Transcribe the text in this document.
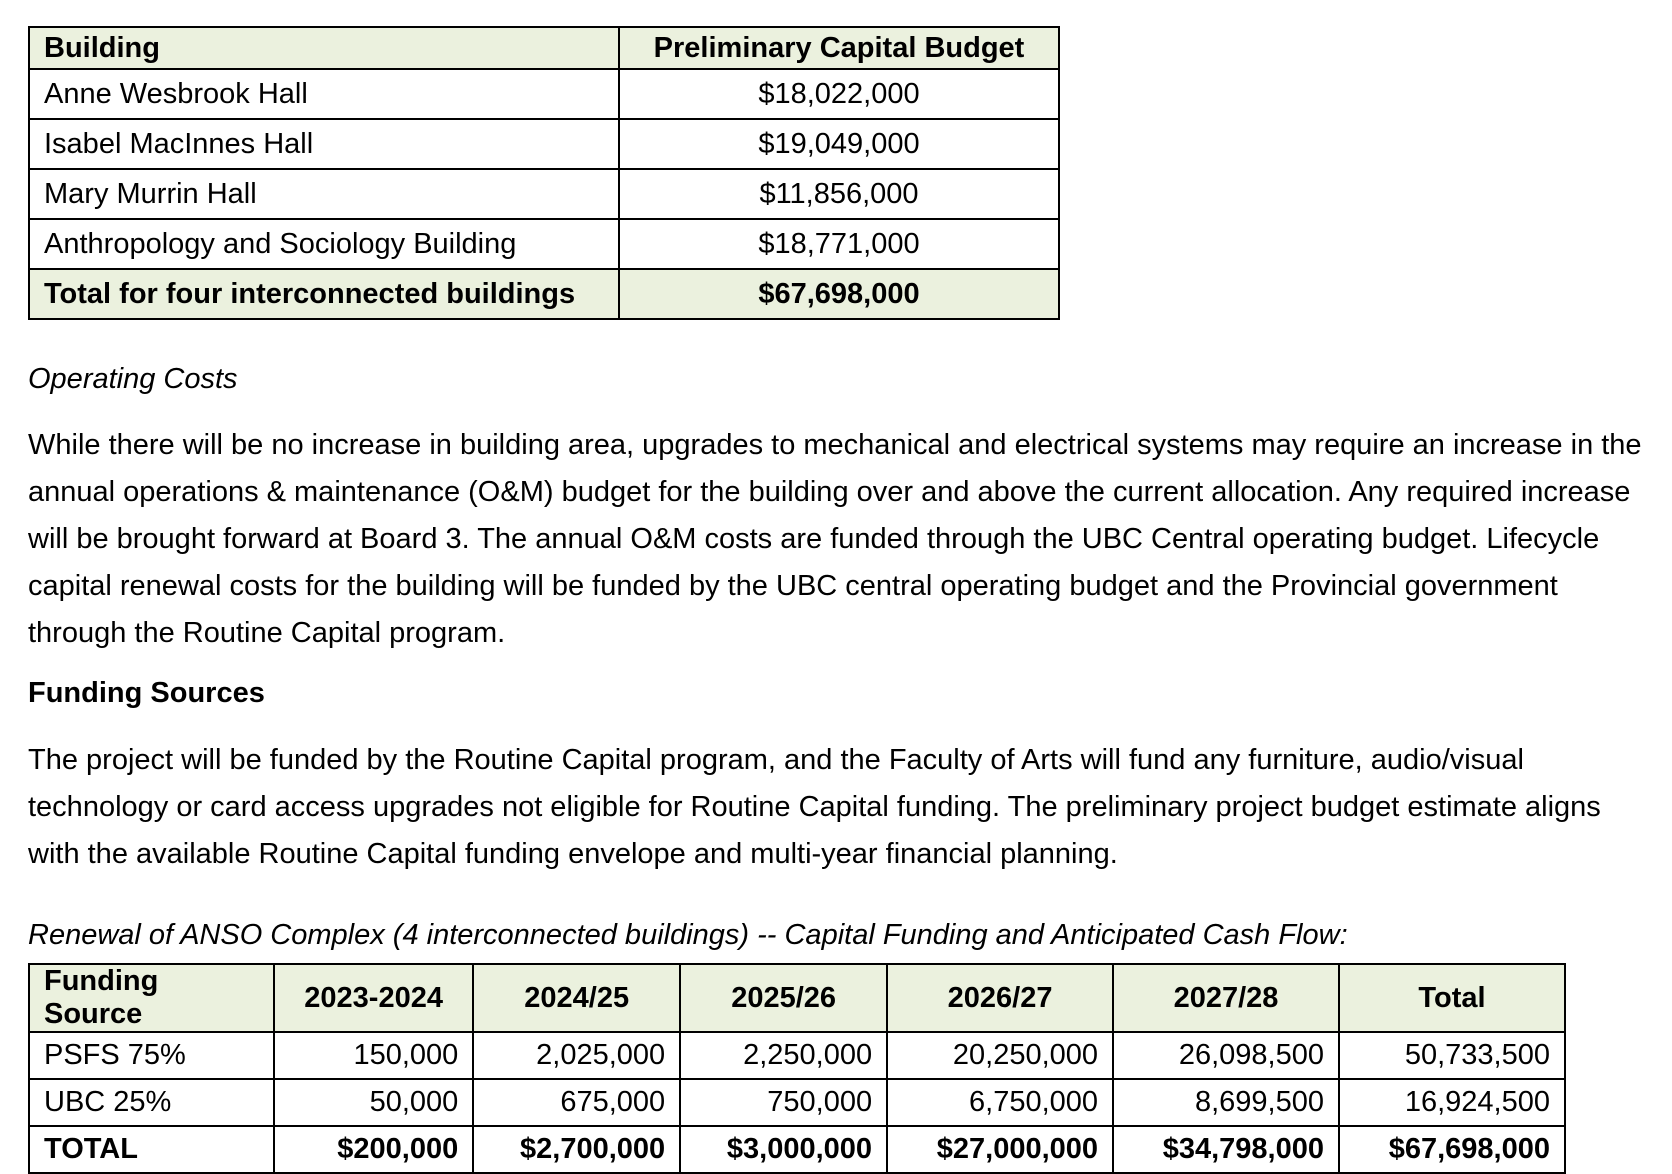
Building	Preliminary Capital Budget
Anne Wesbrook Hall	$18,022,000
Isabel MacInnes Hall	$19,049,000
Mary Murrin Hall	$11,856,000
Anthropology and Sociology Building	$18,771,000
Total for four interconnected buildings	$67,698,000
Operating Costs
While there will be no increase in building area, upgrades to mechanical and electrical systems may require an increase in the annual operations & maintenance (O&M) budget for the building over and above the current allocation. Any required increase will be brought forward at Board 3. The annual O&M costs are funded through the UBC Central operating budget. Lifecycle capital renewal costs for the building will be funded by the UBC central operating budget and the Provincial government through the Routine Capital program.
Funding Sources
The project will be funded by the Routine Capital program, and the Faculty of Arts will fund any furniture, audio/visual technology or card access upgrades not eligible for Routine Capital funding. The preliminary project budget estimate aligns with the available Routine Capital funding envelope and multi-year financial planning.
Renewal of ANSO Complex (4 interconnected buildings) -- Capital Funding and Anticipated Cash Flow:
Funding Source	2023-2024	2024/25	2025/26	2026/27	2027/28	Total
PSFS 75%	150,000	2,025,000	2,250,000	20,250,000	26,098,500	50,733,500
UBC 25%	50,000	675,000	750,000	6,750,000	8,699,500	16,924,500
TOTAL	$200,000	$2,700,000	$3,000,000	$27,000,000	$34,798,000	$67,698,000
